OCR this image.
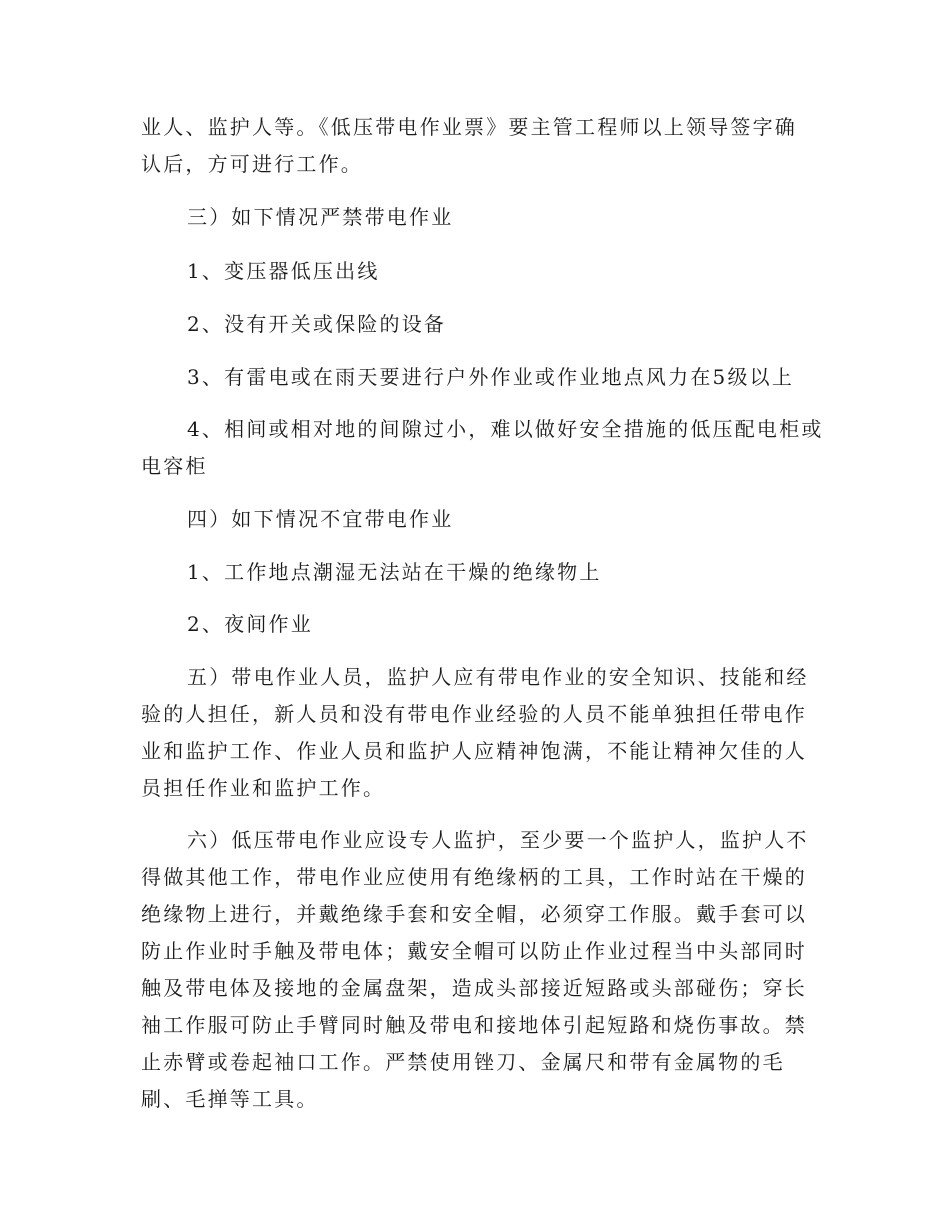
业人、监护人等。《低压带电作业票》要主管工程师以上领导签字确
认后，方可进行工作。
三）如下情况严禁带电作业
1、变压器低压出线
2、没有开关或保险的设备
3、有雷电或在雨天要进行户外作业或作业地点风力在5级以上
4、相间或相对地的间隙过小，难以做好安全措施的低压配电柜或
电容柜
四）如下情况不宜带电作业
1、工作地点潮湿无法站在干燥的绝缘物上
2、夜间作业
五）带电作业人员，监护人应有带电作业的安全知识、技能和经
验的人担任，新人员和没有带电作业经验的人员不能单独担任带电作
业和监护工作、作业人员和监护人应精神饱满，不能让精神欠佳的人
员担任作业和监护工作。
六）低压带电作业应设专人监护，至少要一个监护人，监护人不
得做其他工作，带电作业应使用有绝缘柄的工具，工作时站在干燥的
绝缘物上进行，并戴绝缘手套和安全帽，必须穿工作服。戴手套可以
防止作业时手触及带电体；戴安全帽可以防止作业过程当中头部同时
触及带电体及接地的金属盘架，造成头部接近短路或头部碰伤；穿长
袖工作服可防止手臂同时触及带电和接地体引起短路和烧伤事故。禁
止赤臂或卷起袖口工作。严禁使用锉刀、金属尺和带有金属物的毛
刷、毛掸等工具。
